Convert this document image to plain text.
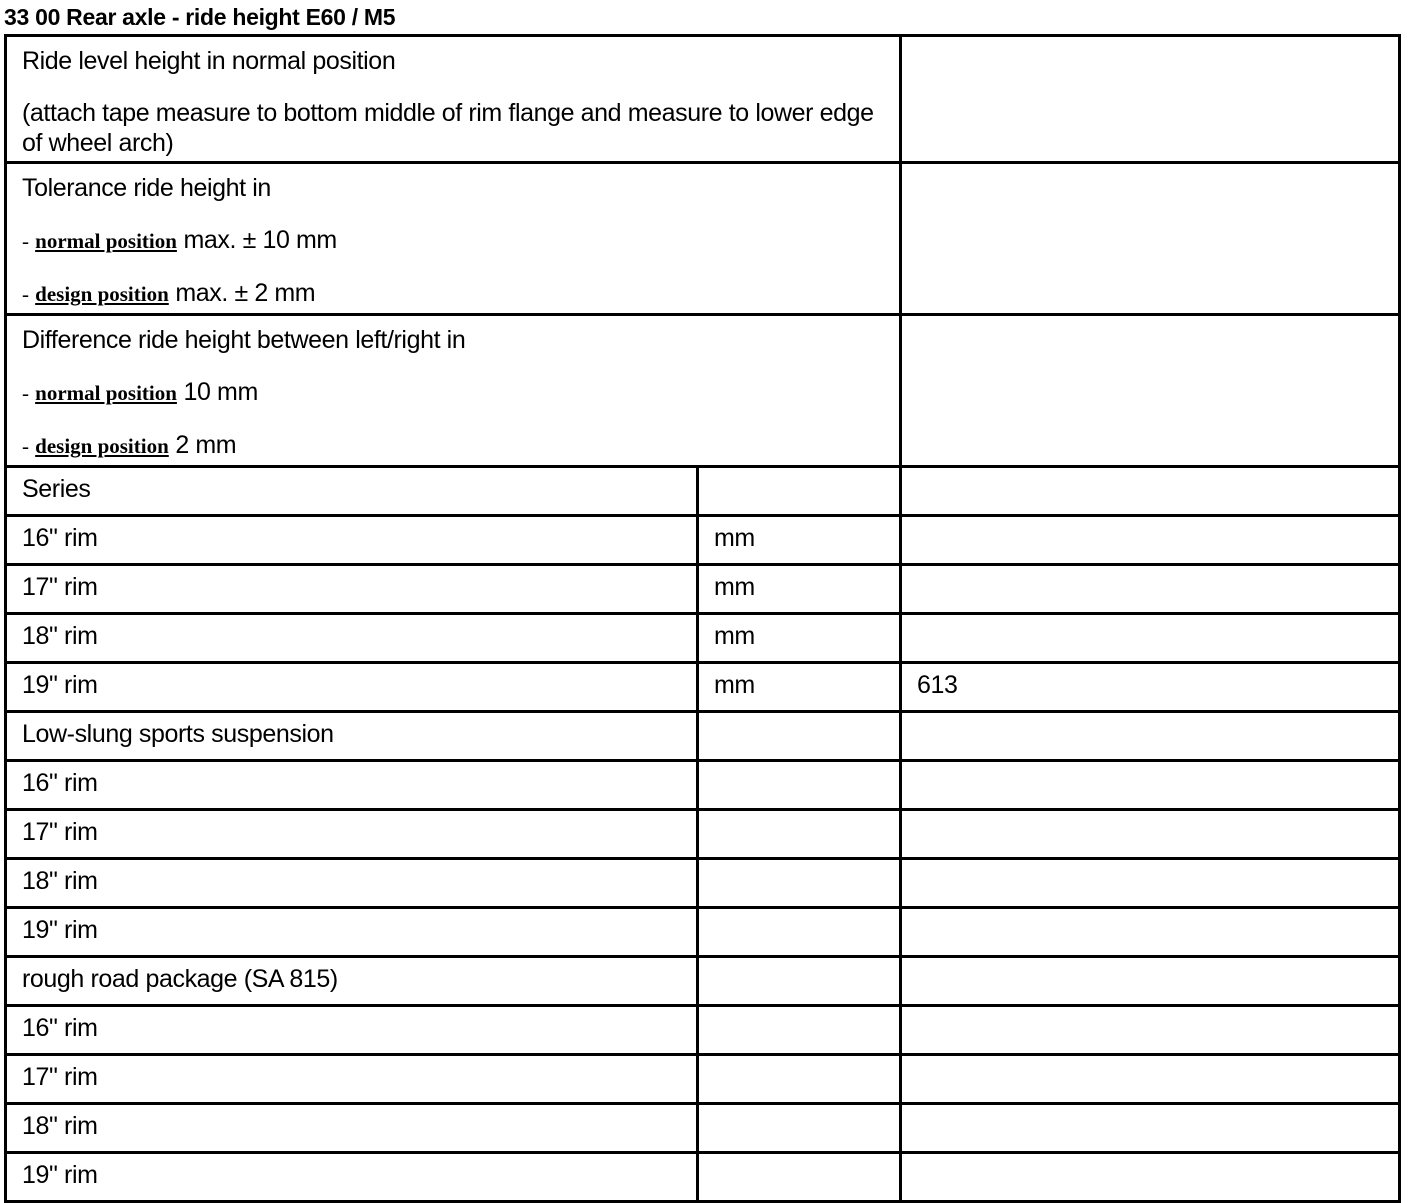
33 00 Rear axle - ride height E60 / M5

Ride level height in normal position

(attach tape measure to bottom middle of rim flange and measure to lower edge of wheel arch)		

Tolerance ride height in

- normal position max. ± 10 mm

- design position max. ± 2 mm		

Difference ride height between left/right in

- normal position 10 mm

- design position 2 mm		

Series		
16" rim	mm	
17" rim	mm	
18" rim	mm	
19" rim	mm	613
Low-slung sports suspension		
16" rim		
17" rim		
18" rim		
19" rim		
rough road package (SA 815)		
16" rim		
17" rim		
18" rim		
19" rim		
